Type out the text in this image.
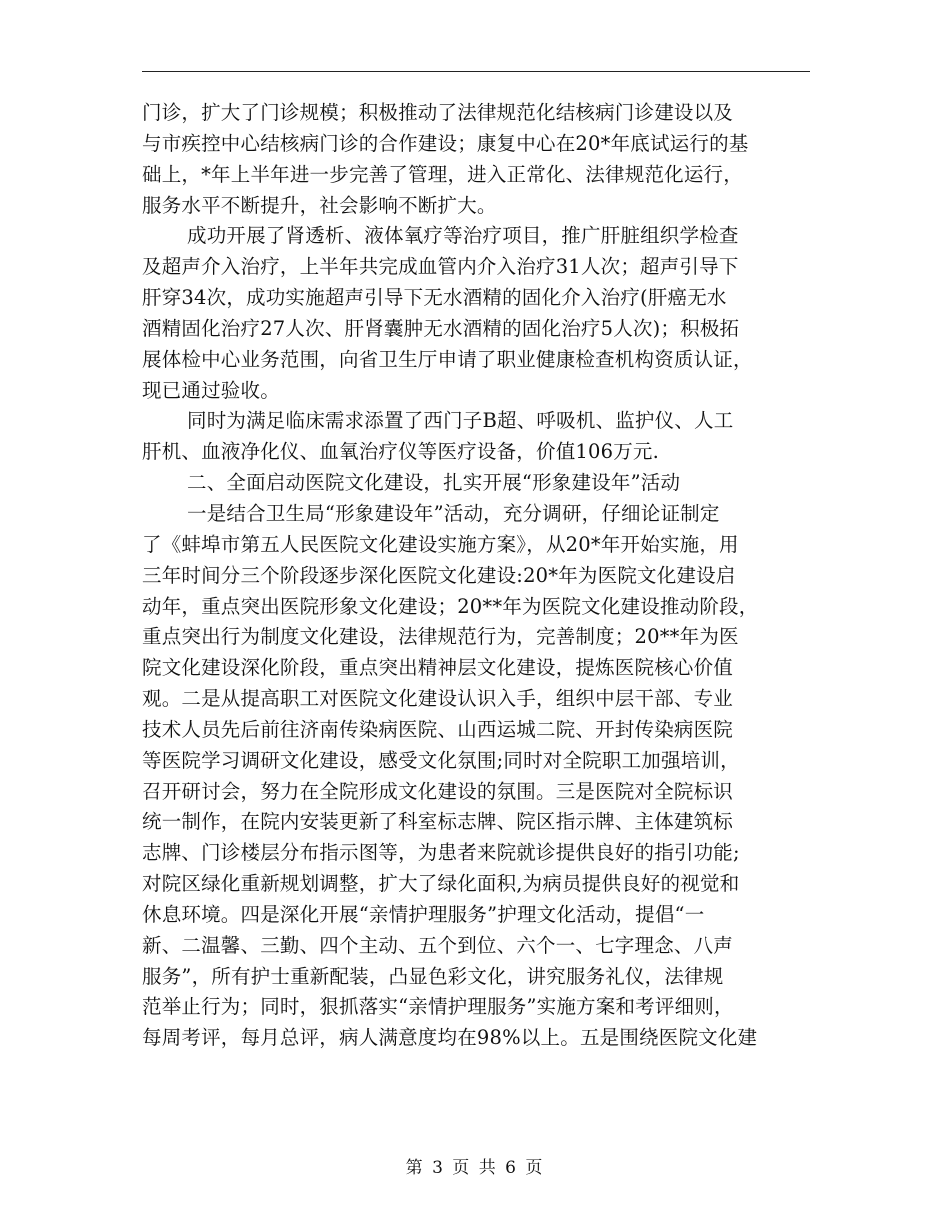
门诊，扩大了门诊规模；积极推动了法律规范化结核病门诊建设以及
与市疾控中心结核病门诊的合作建设；康复中心在20*年底试运行的基
础上，*年上半年进一步完善了管理，进入正常化、法律规范化运行，
服务水平不断提升，社会影响不断扩大。
成功开展了肾透析、液体氧疗等治疗项目，推广肝脏组织学检查
及超声介入治疗，上半年共完成血管内介入治疗31人次；超声引导下
肝穿34次，成功实施超声引导下无水酒精的固化介入治疗(肝癌无水
酒精固化治疗27人次、肝肾囊肿无水酒精的固化治疗5人次)；积极拓
展体检中心业务范围，向省卫生厅申请了职业健康检查机构资质认证，
现已通过验收。
同时为满足临床需求添置了西门子B超、呼吸机、监护仪、人工
肝机、血液净化仪、血氧治疗仪等医疗设备，价值106万元.
二、全面启动医院文化建设，扎实开展“形象建设年”活动
一是结合卫生局“形象建设年”活动，充分调研，仔细论证制定
了《蚌埠市第五人民医院文化建设实施方案》，从20*年开始实施，用
三年时间分三个阶段逐步深化医院文化建设:20*年为医院文化建设启
动年，重点突出医院形象文化建设；20**年为医院文化建设推动阶段，
重点突出行为制度文化建设，法律规范行为，完善制度；20**年为医
院文化建设深化阶段，重点突出精神层文化建设，提炼医院核心价值
观。二是从提高职工对医院文化建设认识入手，组织中层干部、专业
技术人员先后前往济南传染病医院、山西运城二院、开封传染病医院
等医院学习调研文化建设，感受文化氛围;同时对全院职工加强培训，
召开研讨会，努力在全院形成文化建设的氛围。三是医院对全院标识
统一制作，在院内安装更新了科室标志牌、院区指示牌、主体建筑标
志牌、门诊楼层分布指示图等，为患者来院就诊提供良好的指引功能;
对院区绿化重新规划调整，扩大了绿化面积,为病员提供良好的视觉和
休息环境。四是深化开展“亲情护理服务”护理文化活动，提倡“一
新、二温馨、三勤、四个主动、五个到位、六个一、七字理念、八声
服务”，所有护士重新配装，凸显色彩文化，讲究服务礼仪，法律规
范举止行为；同时，狠抓落实“亲情护理服务”实施方案和考评细则，
每周考评，每月总评，病人满意度均在98%以上。五是围绕医院文化建
第 3 页 共 6 页
